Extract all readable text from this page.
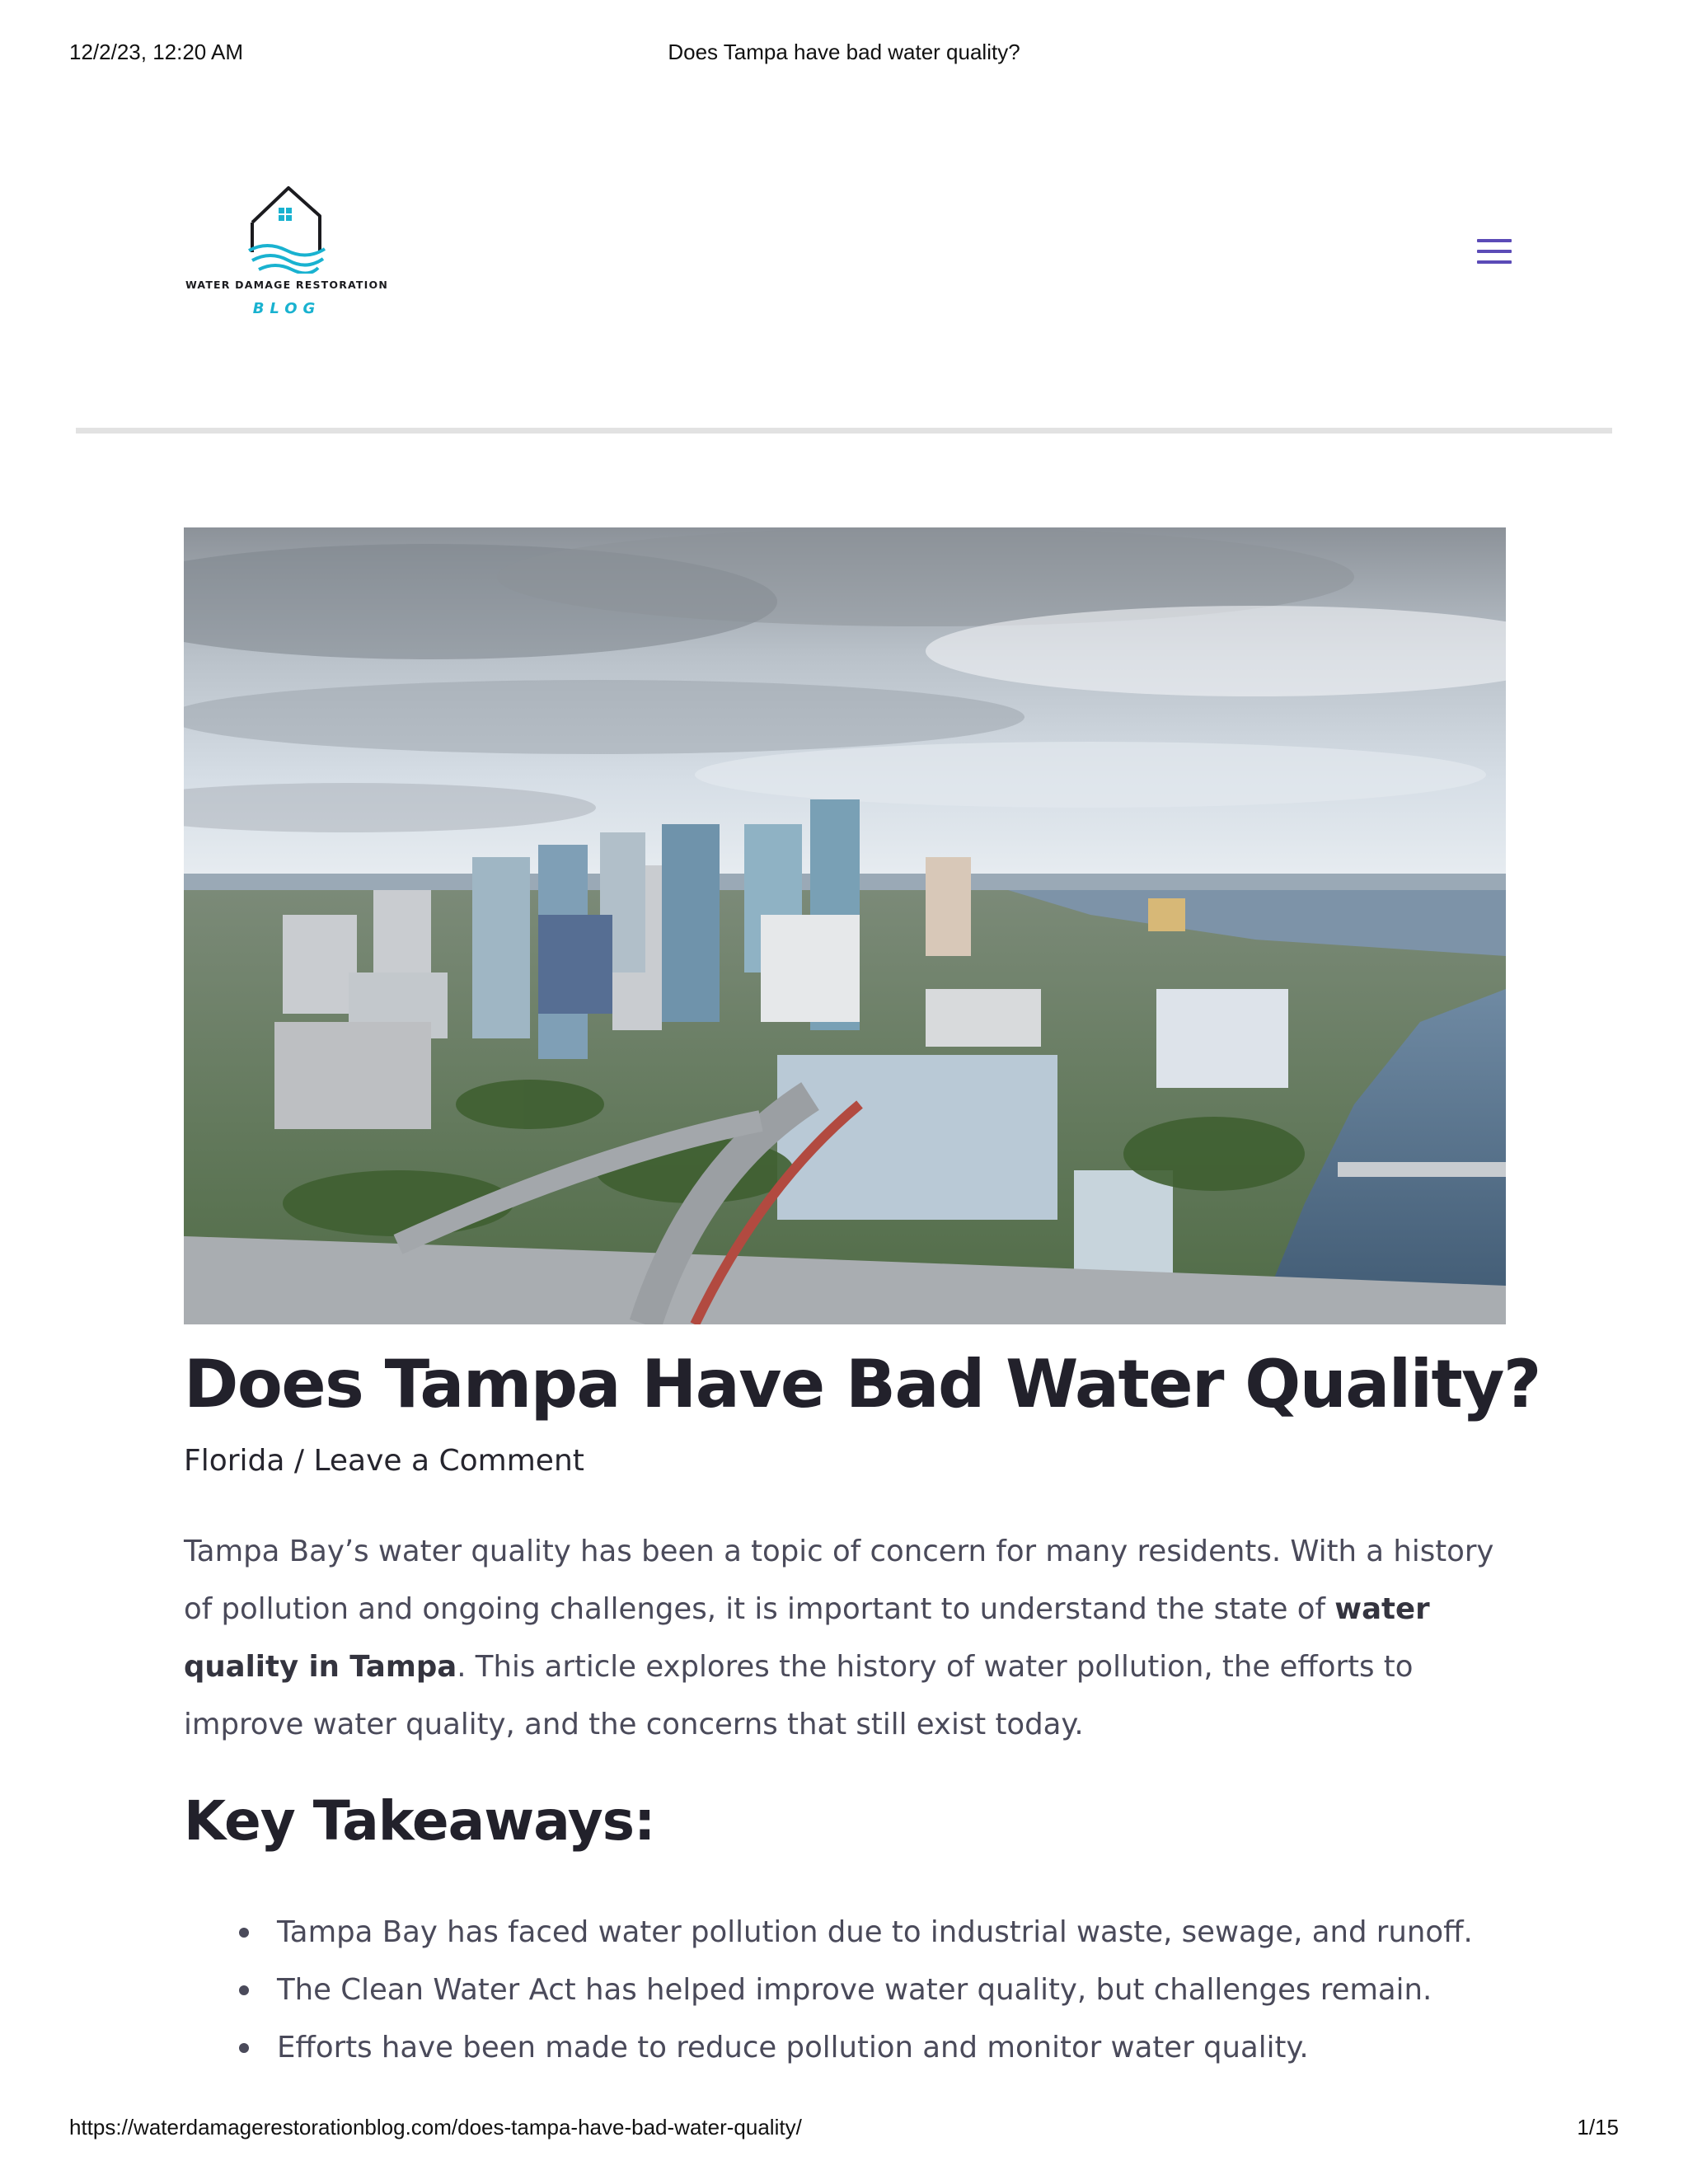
12/2/23, 12:20 AM	Does Tampa have bad water quality?
WATER DAMAGE RESTORATION
BLOG
Does Tampa Have Bad Water Quality?
Florida / Leave a Comment

Tampa Bay’s water quality has been a topic of concern for many residents. With a history of pollution and ongoing challenges, it is important to understand the state of water quality in Tampa. This article explores the history of water pollution, the efforts to improve water quality, and the concerns that still exist today.

Key Takeaways:
Tampa Bay has faced water pollution due to industrial waste, sewage, and runoff.
The Clean Water Act has helped improve water quality, but challenges remain.
Efforts have been made to reduce pollution and monitor water quality.
https://waterdamagerestorationblog.com/does-tampa-have-bad-water-quality/	1/15
